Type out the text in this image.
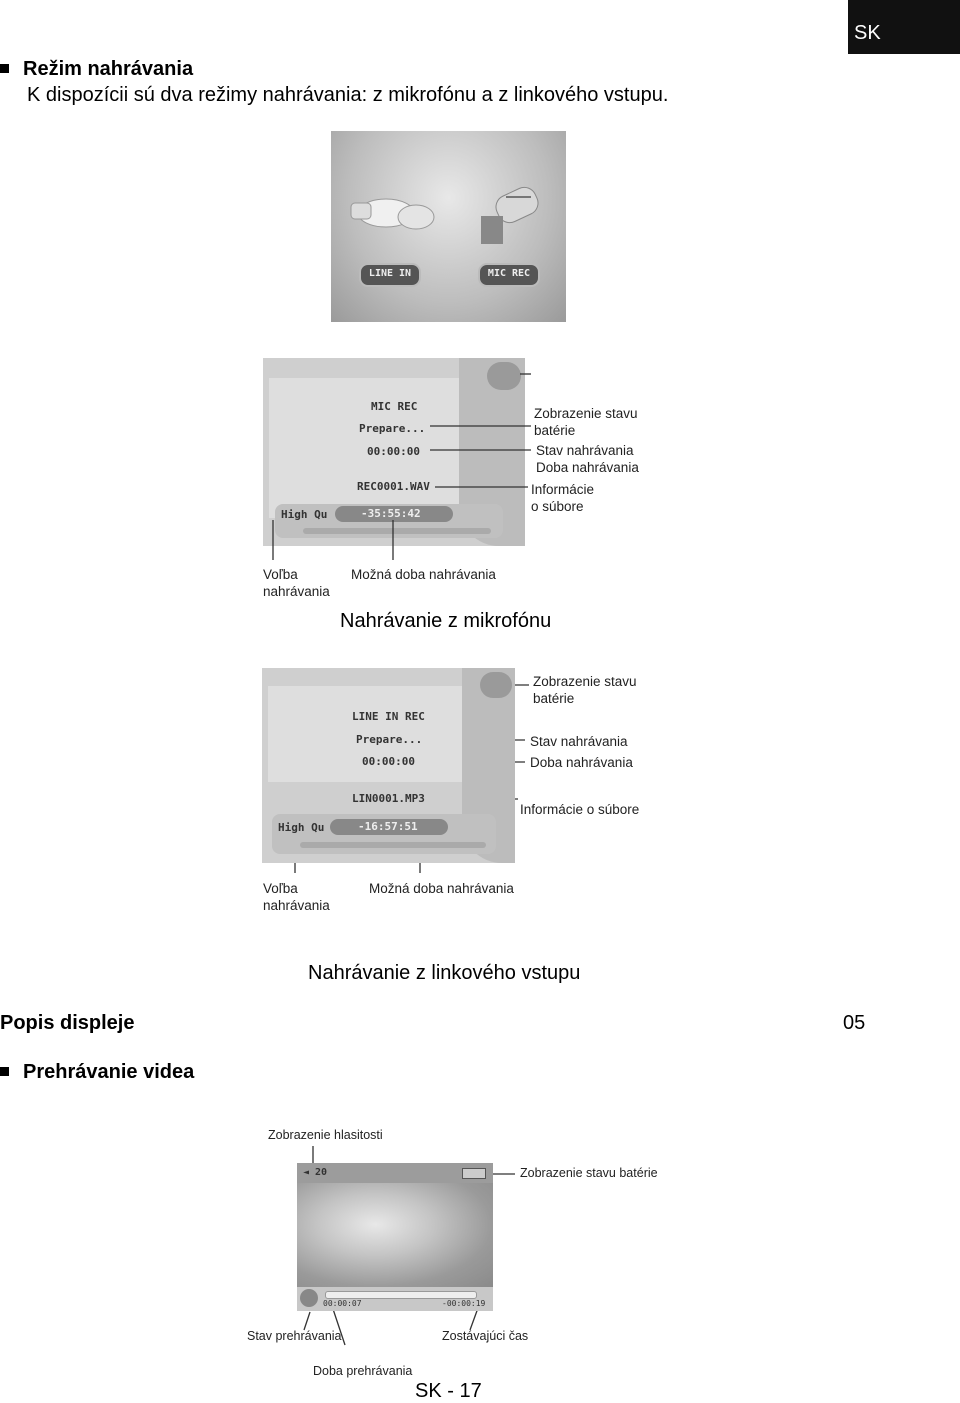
SK
Režim nahrávania
K dispozícii sú dva režimy nahrávania: z mikrofónu a z linkového vstupu.
LINE IN	MIC REC
MIC REC
Prepare...
00:00:00
REC0001.WAV
High Qu	-35:55:42
Zobrazenie stavu
batérie
Stav nahrávania
Doba nahrávania
Informácie
o súbore
Voľba
nahrávania
Možná doba nahrávania
Nahrávanie z mikrofónu
LINE IN REC
Prepare...
00:00:00
LIN0001.MP3
High Qu	-16:57:51
Zobrazenie stavu
batérie
Stav nahrávania
Doba nahrávania
Informácie o súbore
Voľba
nahrávania
Možná doba nahrávania
Nahrávanie z linkového vstupu
Popis displeje	05
Prehrávanie videa
◄ 20
00:00:07	-00:00:19
Zobrazenie hlasitosti
Zobrazenie stavu batérie
Stav prehrávania	Zostávajúci čas
Doba prehrávania
SK - 17
